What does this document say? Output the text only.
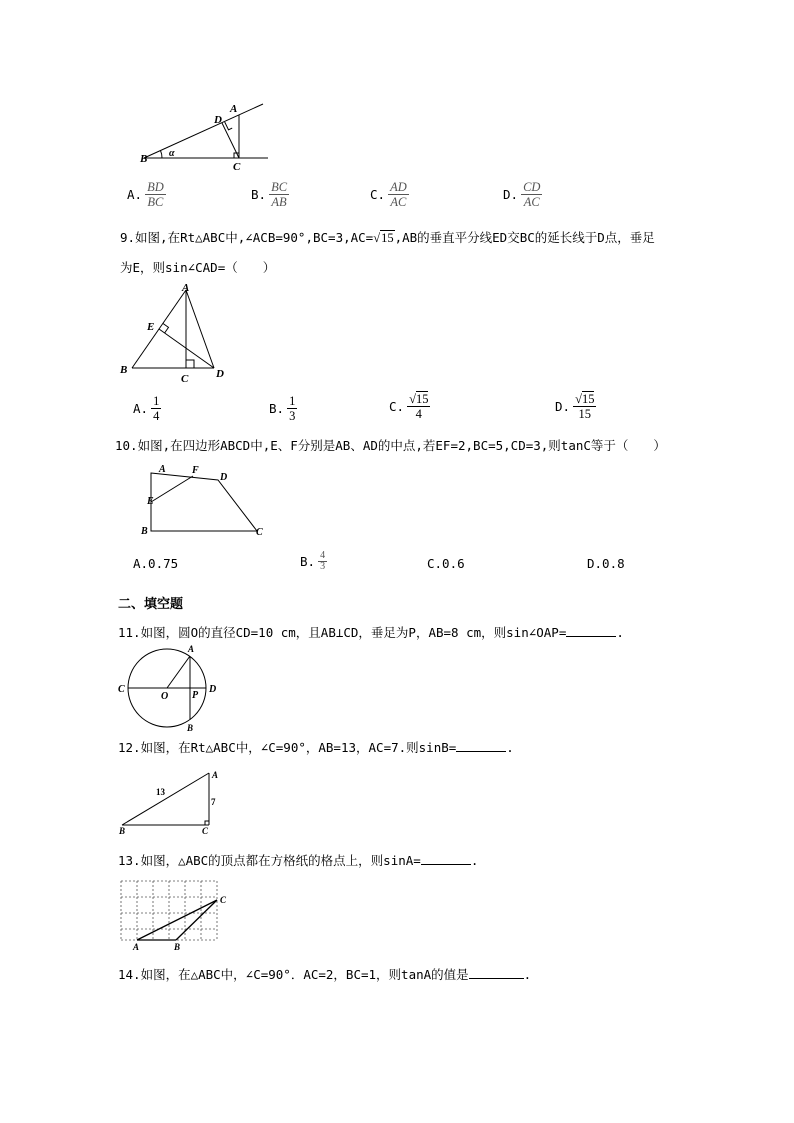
A
D
B
C
α
A. $\frac{BD}{BC}$	B. $\frac{BC}{AB}$	C. $\frac{AD}{AC}$	D. $\frac{CD}{AC}$
9.如图,在Rt△ABC中,∠ACB=90°,BC=3,AC=√15,AB的垂直平分线ED交BC的延长线于D点，垂足
为E，则sin∠CAD=（　　）
A
E
B
C	D
A. $\frac{1}{4}$	B. $\frac{1}{3}$	C. $\frac{√15}{4}$	D. $\frac{√15}{15}$
10.如图,在四边形ABCD中,E、F分别是AB、AD的中点,若EF=2,BC=5,CD=3,则tanC等于（　　）
A	F
D
E
B	C
A.0.75	B. $\frac{4}{3}$	C.0.6	D.0.8
二、填空题
11.如图，圆O的直径CD=10 cm，且AB⊥CD，垂足为P，AB=8 cm，则sin∠OAP=	.
A
C
O P
D
B
12.如图，在Rt△ABC中，∠C=90°，AB=13，AC=7.则sinB=	.
A
B	C
13
7
13.如图，△ABC的顶点都在方格纸的格点上，则sinA=	.
A	B
C
14.如图，在△ABC中，∠C=90°．AC=2，BC=1，则tanA的值是	.
